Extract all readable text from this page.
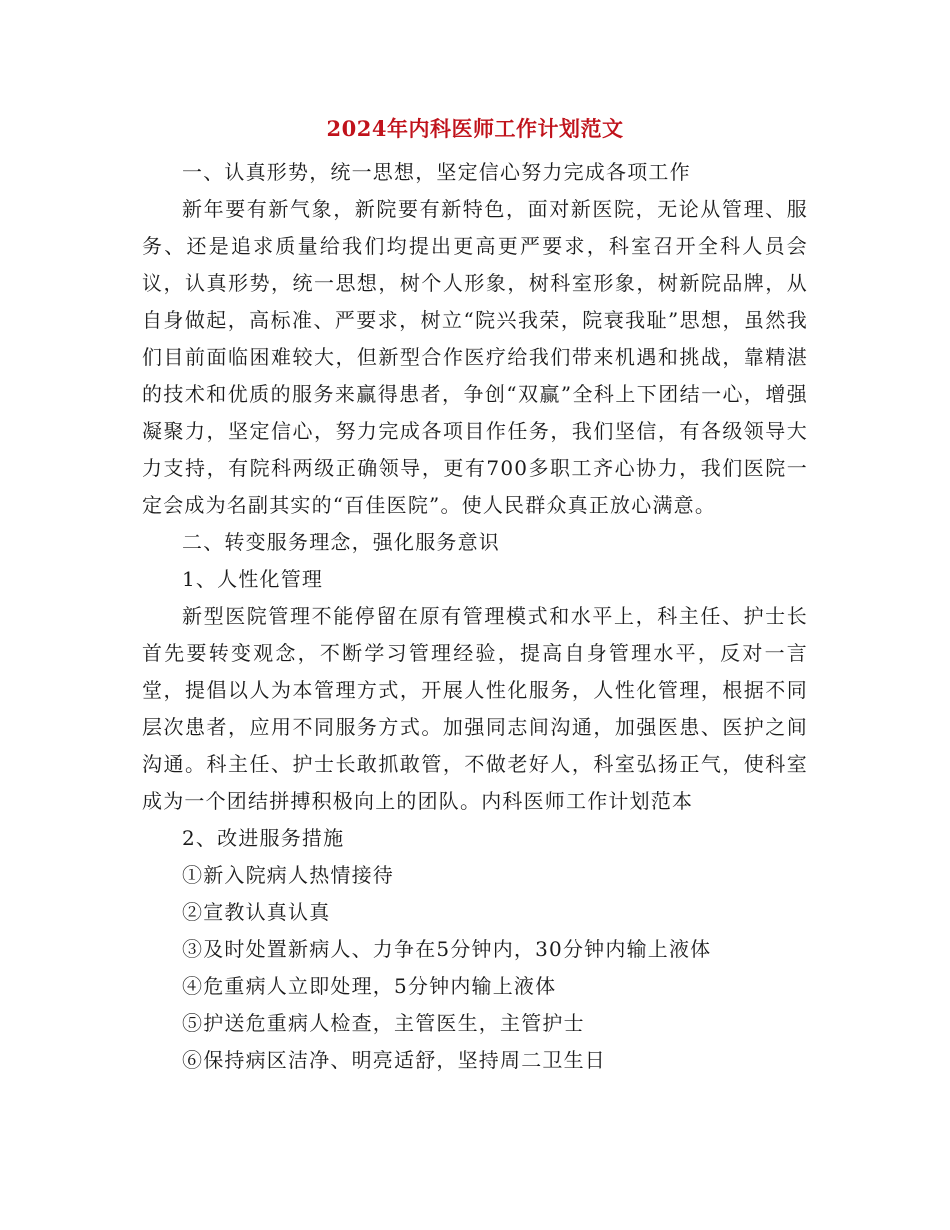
2024年内科医师工作计划范文

一、认真形势，统一思想，坚定信心努力完成各项工作

新年要有新气象，新院要有新特色，面对新医院，无论从管理、服务、还是追求质量给我们均提出更高更严要求，科室召开全科人员会议，认真形势，统一思想，树个人形象，树科室形象，树新院品牌，从自身做起，高标准、严要求，树立“院兴我荣，院衰我耻”思想，虽然我们目前面临困难较大，但新型合作医疗给我们带来机遇和挑战，靠精湛的技术和优质的服务来赢得患者，争创“双赢”全科上下团结一心，增强凝聚力，坚定信心，努力完成各项目作任务，我们坚信，有各级领导大力支持，有院科两级正确领导，更有700多职工齐心协力，我们医院一定会成为名副其实的“百佳医院”。使人民群众真正放心满意。

二、转变服务理念，强化服务意识

1、人性化管理

新型医院管理不能停留在原有管理模式和水平上，科主任、护士长首先要转变观念，不断学习管理经验，提高自身管理水平，反对一言堂，提倡以人为本管理方式，开展人性化服务，人性化管理，根据不同层次患者，应用不同服务方式。加强同志间沟通，加强医患、医护之间沟通。科主任、护士长敢抓敢管，不做老好人，科室弘扬正气，使科室成为一个团结拼搏积极向上的团队。内科医师工作计划范本

2、改进服务措施

①新入院病人热情接待

②宣教认真认真

③及时处置新病人、力争在5分钟内，30分钟内输上液体

④危重病人立即处理，5分钟内输上液体

⑤护送危重病人检查，主管医生，主管护士

⑥保持病区洁净、明亮适舒，坚持周二卫生日
